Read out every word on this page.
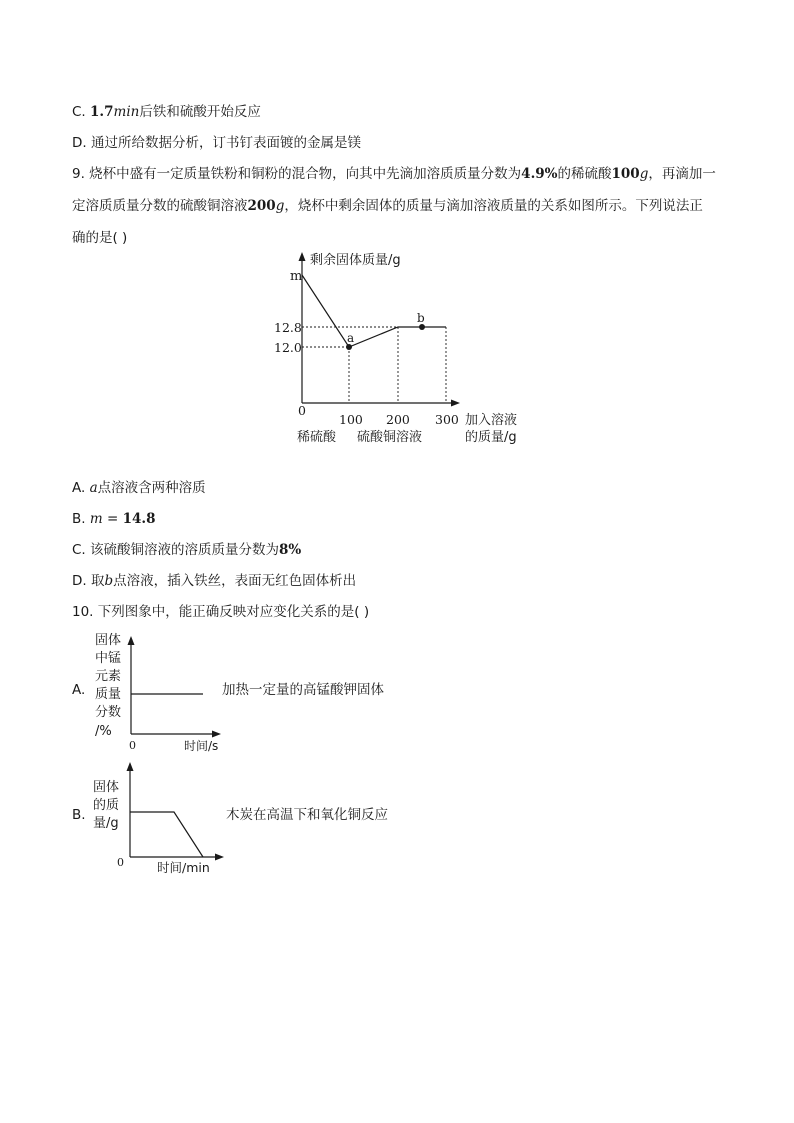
C. 1.7min后铁和硫酸开始反应
D. 通过所给数据分析，订书钉表面镀的金属是镁
9. 烧杯中盛有一定质量铁粉和铜粉的混合物，向其中先滴加溶质质量分数为4.9%的稀硫酸100g，再滴加一
定溶质质量分数的硫酸铜溶液200g，烧杯中剩余固体的质量与滴加溶液质量的关系如图所示。下列说法正
确的是( )
剩余固体质量/g
m
a
b
12.8
12.0
0
100 200 300 加入溶液
的质量/g
稀硫酸 硫酸铜溶液
A. a点溶液含两种溶质
B. m = 14.8
C. 该硫酸铜溶液的溶质质量分数为8%
D. 取b点溶液，插入铁丝，表面无红色固体析出
10. 下列图象中，能正确反映对应变化关系的是( )
A.
固体
中锰
元素
质量
分数
/%
0	时间/s
加热一定量的高锰酸钾固体
B.
固体
的质
量/g
0	时间/min
木炭在高温下和氧化铜反应
